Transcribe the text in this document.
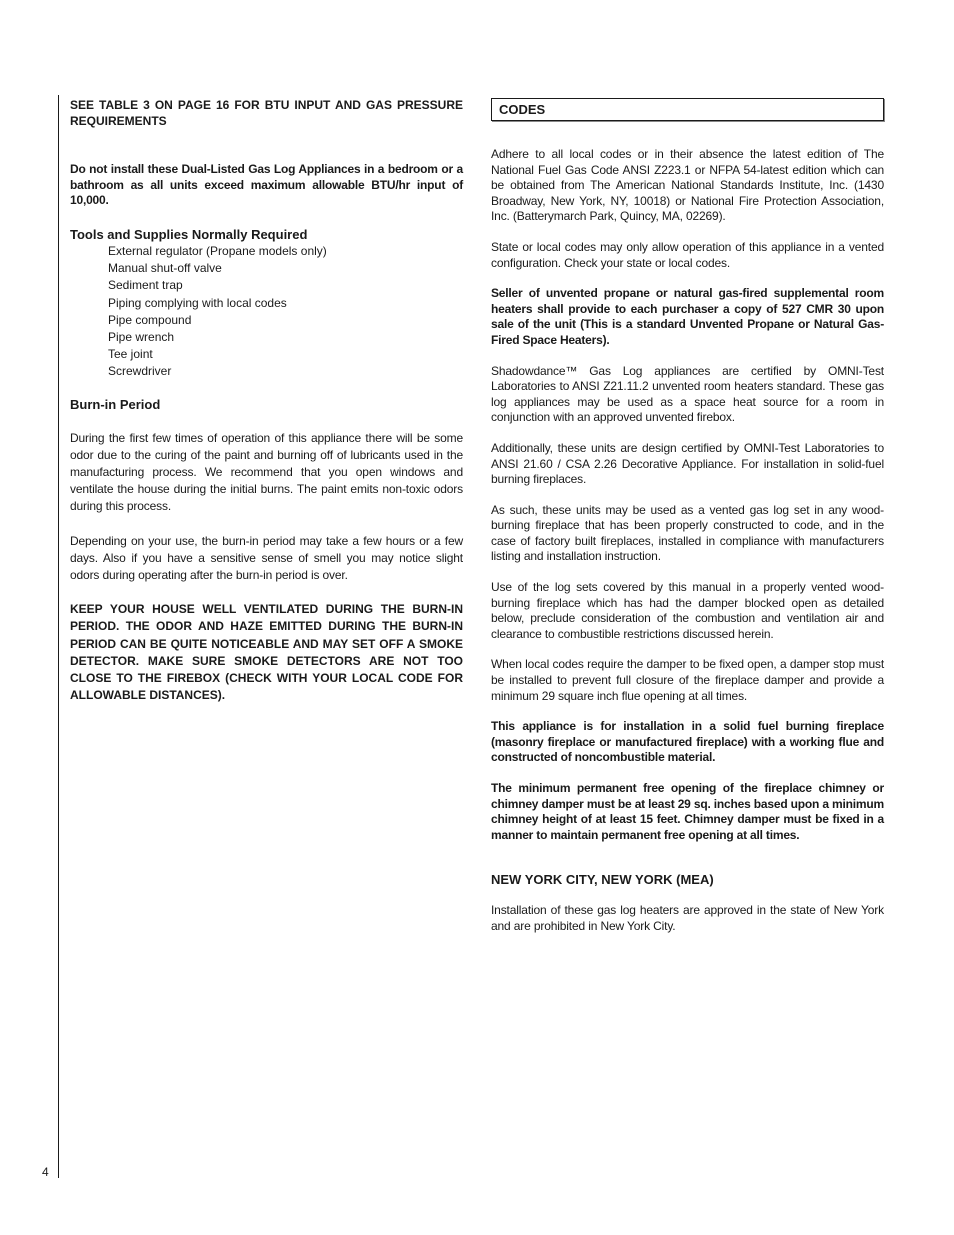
4

SEE TABLE 3 ON PAGE 16 FOR BTU INPUT AND GAS PRESSURE REQUIREMENTS

Do not install these Dual-Listed Gas Log Appliances in a bedroom or a bathroom as all units exceed maximum allowable BTU/hr input of 10,000.

Tools and Supplies Normally Required
External regulator (Propane models only)
Manual shut-off valve
Sediment trap
Piping complying with local codes
Pipe compound
Pipe wrench
Tee joint
Screwdriver
Burn-in Period

During the first few times of operation of this appliance there will be some odor due to the curing of the paint and burning off of lubricants used in the manufacturing process. We recommend that you open windows and ventilate the house during the initial burns. The paint emits non-toxic odors during this process.

Depending on your use, the burn-in period may take a few hours or a few days. Also if you have a sensitive sense of smell you may notice slight odors during operating after the burn-in period is over.

KEEP YOUR HOUSE WELL VENTILATED DURING THE BURN-IN PERIOD. THE ODOR AND HAZE EMITTED DURING THE BURN-IN PERIOD CAN BE QUITE NOTICEABLE AND MAY SET OFF A SMOKE DETECTOR. MAKE SURE SMOKE DETECTORS ARE NOT TOO CLOSE TO THE FIREBOX (CHECK WITH YOUR LOCAL CODE FOR ALLOWABLE DISTANCES).

CODES

Adhere to all local codes or in their absence the latest edition of The National Fuel Gas Code ANSI Z223.1 or NFPA 54-latest edition which can be obtained from The American National Standards Institute, Inc. (1430 Broadway, New York, NY, 10018) or National Fire Protection Association, Inc. (Batterymarch Park, Quincy, MA, 02269).

State or local codes may only allow operation of this appliance in a vented configuration. Check your state or local codes.

Seller of unvented propane or natural gas-fired supplemental room heaters shall provide to each purchaser a copy of 527 CMR 30 upon sale of the unit (This is a standard Unvented Propane or Natural Gas-Fired Space Heaters).

Shadowdance™ Gas Log appliances are certified by OMNI-Test Laboratories to ANSI Z21.11.2 unvented room heaters standard. These gas log appliances may be used as a space heat source for a room in conjunction with an approved unvented firebox.

Additionally, these units are design certified by OMNI-Test Laboratories to ANSI 21.60 / CSA 2.26 Decorative Appliance. For installation in solid-fuel burning fireplaces.

As such, these units may be used as a vented gas log set in any wood-burning fireplace that has been properly constructed to code, and in the case of factory built fireplaces, installed in compliance with manufacturers listing and installation instruction.

Use of the log sets covered by this manual in a properly vented wood-burning fireplace which has had the damper blocked open as detailed below, preclude consideration of the combustion and ventilation air and clearance to combustible restrictions discussed herein.

When local codes require the damper to be fixed open, a damper stop must be installed to prevent full closure of the fireplace damper and provide a minimum 29 square inch flue opening at all times.

This appliance is for installation in a solid fuel burning fireplace (masonry fireplace or manufactured fireplace) with a working flue and constructed of noncombustible material.

The minimum permanent free opening of the fireplace chimney or chimney damper must be at least 29 sq. inches based upon a minimum chimney height of at least 15 feet. Chimney damper must be fixed in a manner to maintain permanent free opening at all times.

NEW YORK CITY, NEW YORK (MEA)

Installation of these gas log heaters are approved in the state of New York and are prohibited in New York City.
